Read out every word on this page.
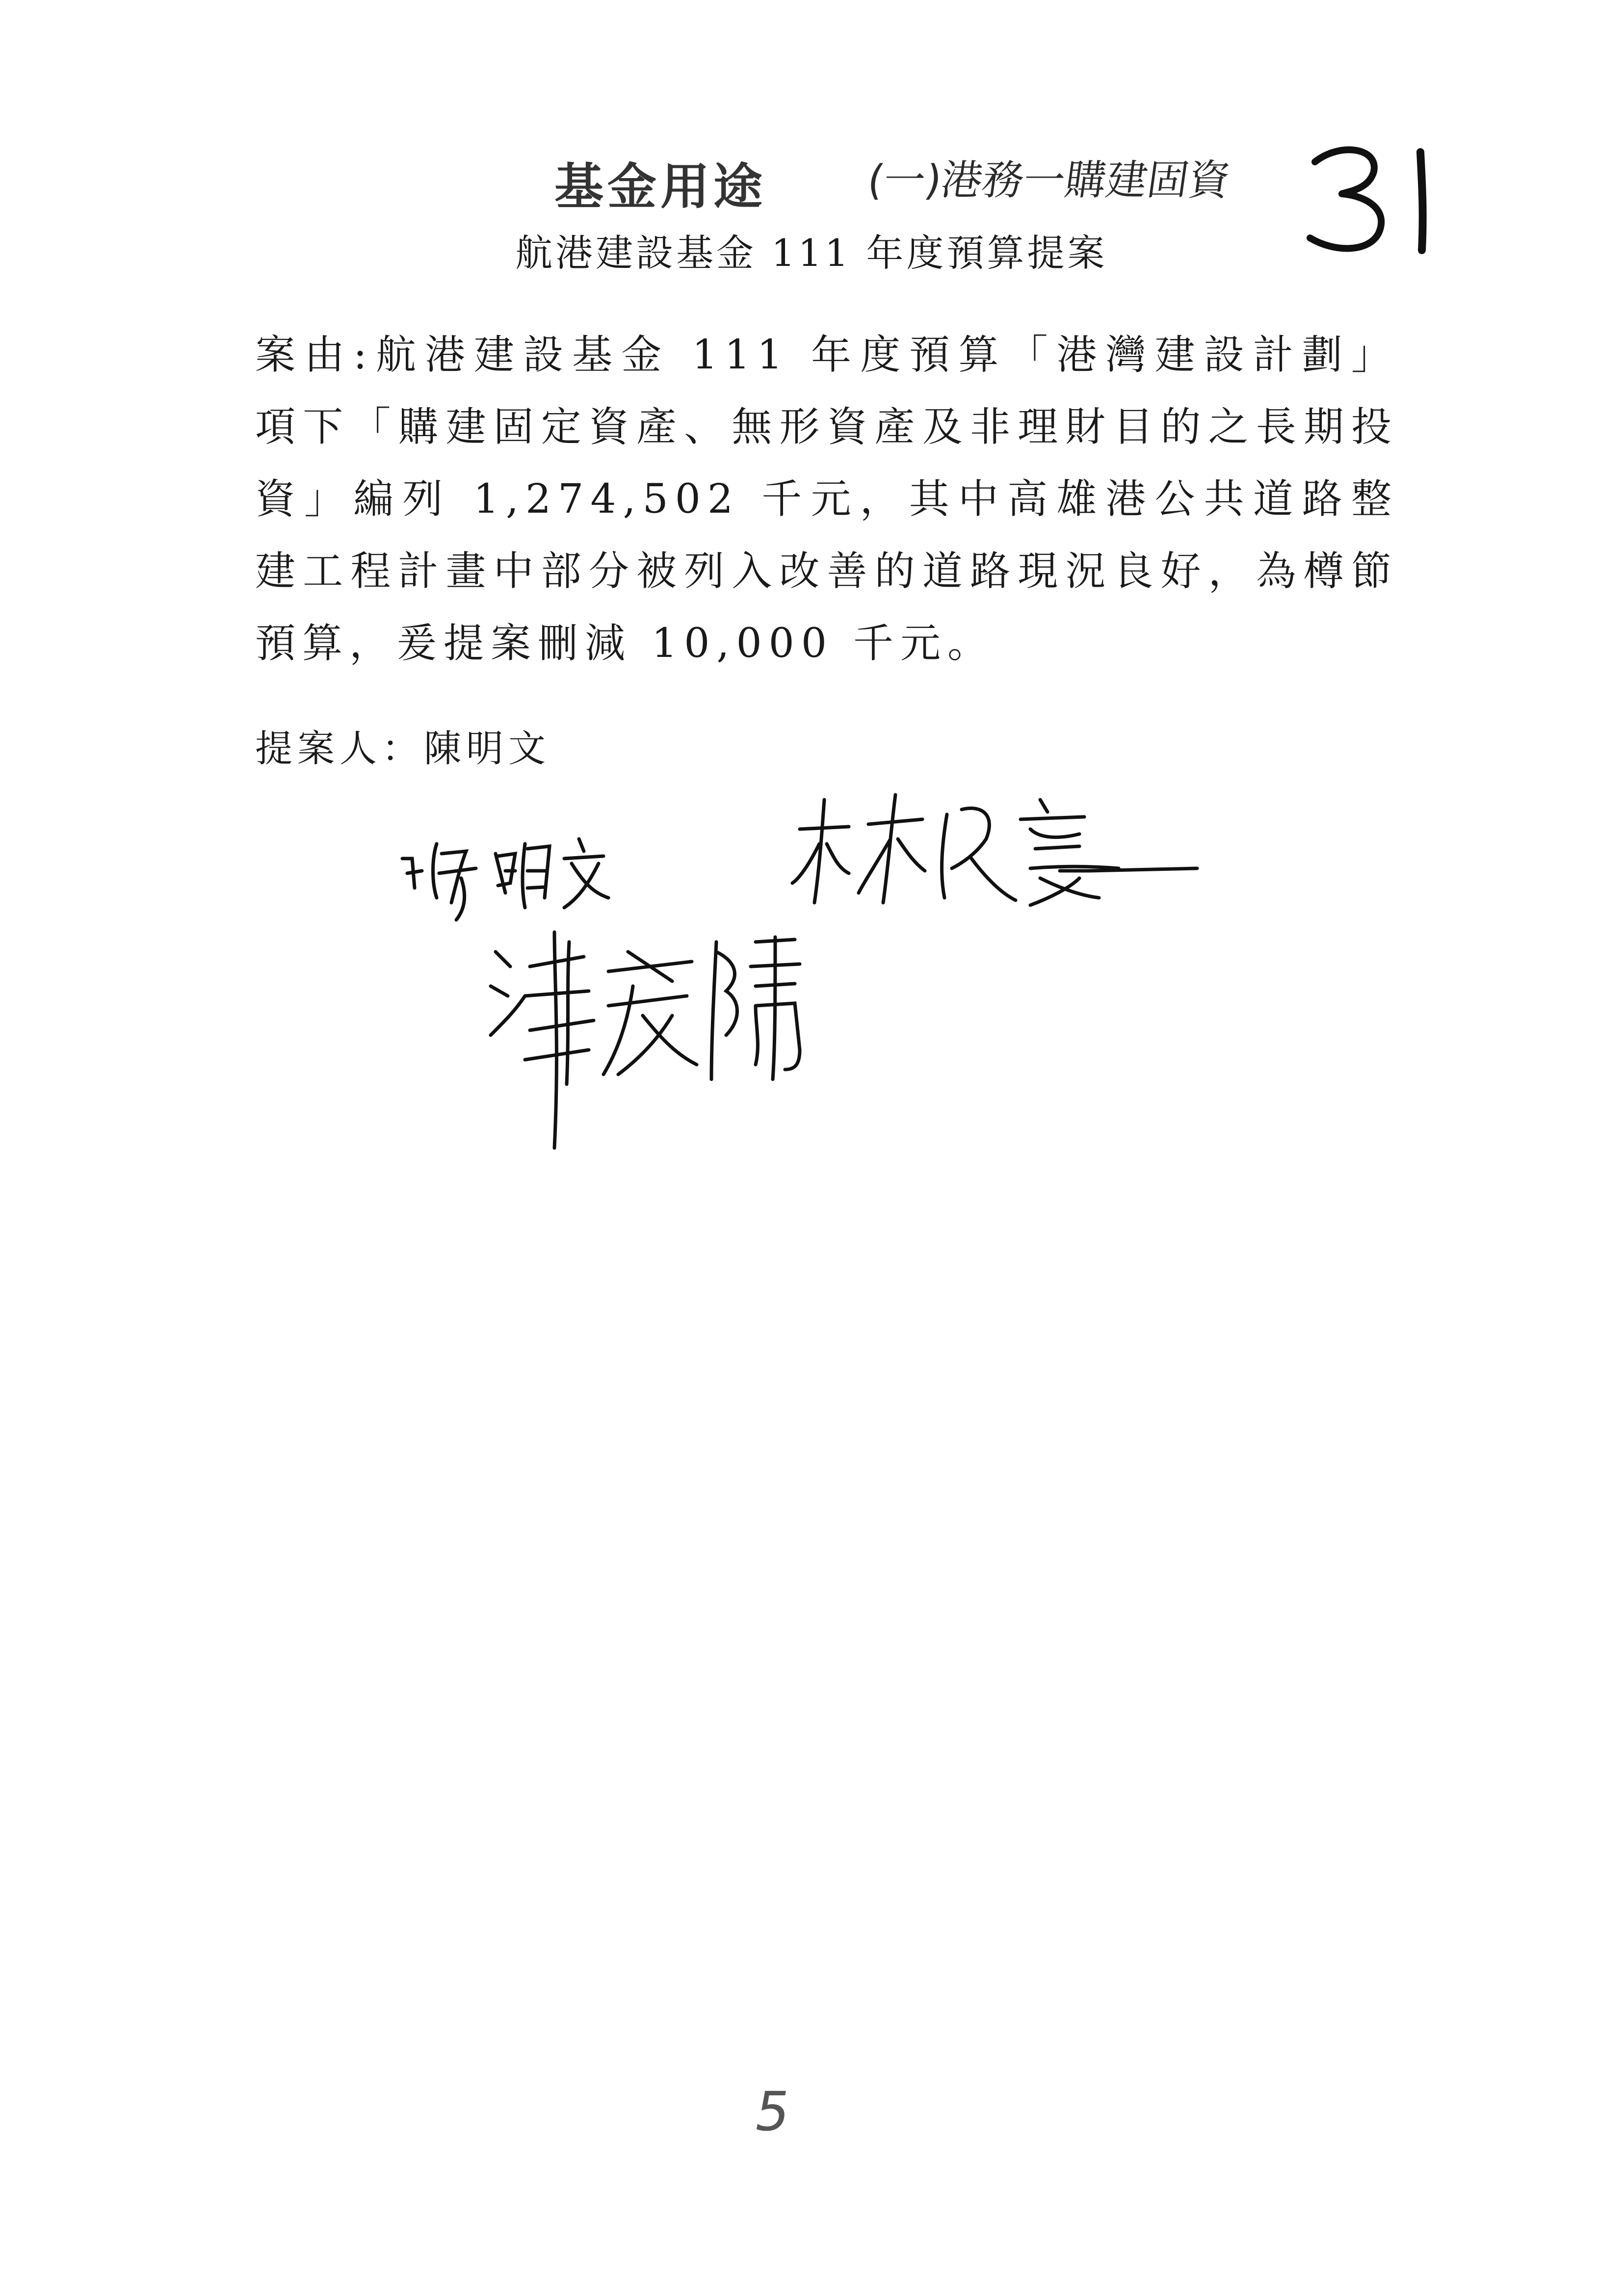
基金用途 (一)港務一購建固資
航港建設基金 111 年度預算提案
案由:航港建設基金 111 年度預算「港灣建設計劃」項下「購建固定資產、無形資產及非理財目的之長期投資」編列 1,274,502 千元，其中高雄港公共道路整建工程計畫中部分被列入改善的道路現況良好，為樽節預算，爰提案刪減 10,000 千元。
提案人：陳明文
5
